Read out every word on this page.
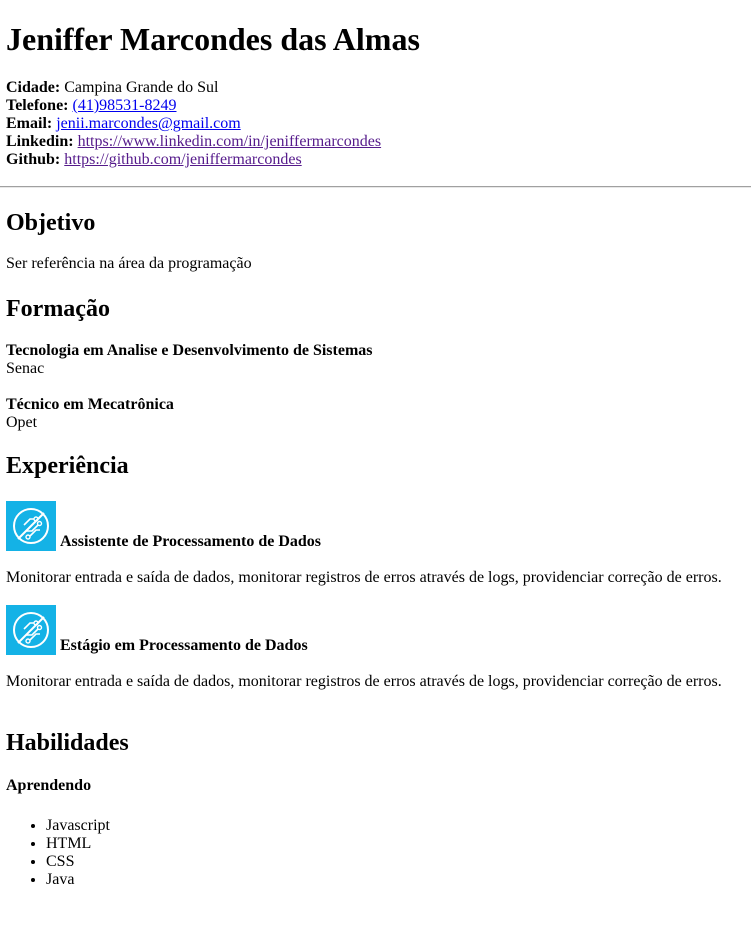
Jeniffer Marcondes das Almas
Cidade: Campina Grande do Sul
Telefone: (41)98531-8249
Email: jenii.marcondes@gmail.com
Linkedin: https://www.linkedin.com/in/jeniffermarcondes
Github: https://github.com/jeniffermarcondes
Objetivo

Ser referência na área da programação

Formação
Tecnologia em Analise e Desenvolvimento de Sistemas
Senac
Técnico em Mecatrônica
Opet
Experiência
Assistente de Processamento de Dados

Monitorar entrada e saída de dados, monitorar registros de erros através de logs, providenciar correção de erros.

Estágio em Processamento de Dados

Monitorar entrada e saída de dados, monitorar registros de erros através de logs, providenciar correção de erros.

Habilidades
Aprendendo
• Javascript
• HTML
• CSS
• Java
